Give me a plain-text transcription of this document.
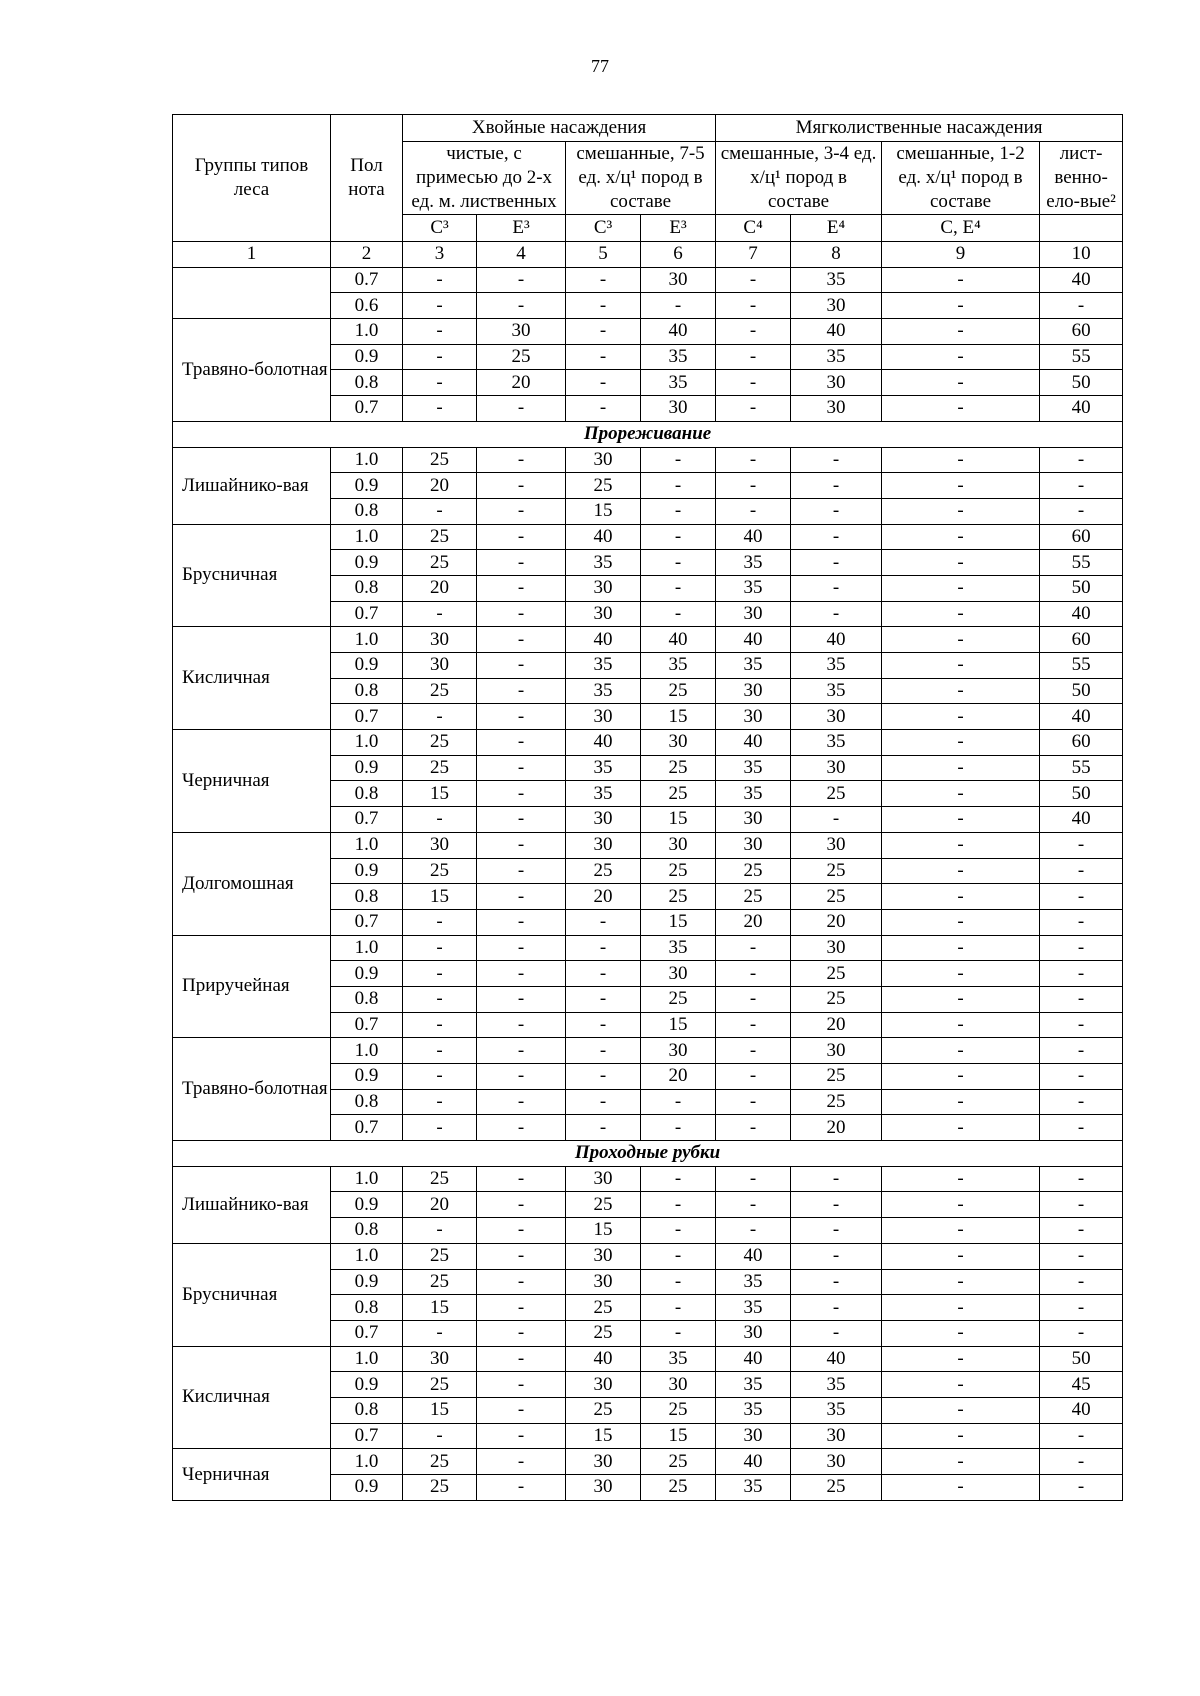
77
Группы типов леса	Пол нота	Хвойные насаждения				Мягколиственные насаждения			
		чистые, с примесью до 2-х ед. м. лиственных		смешанные, 7-5 ед. х/ц¹ пород в составе		смешанные, 3-4 ед. х/ц¹ пород в составе		смешанные, 1-2 ед. х/ц¹ пород в составе	лист-венно-ело-вые²
		С³	Е³	С³	Е³	С⁴	Е⁴	С, Е⁴	
1	2	3	4	5	6	7	8	9	10
	0.7	-	-	-	30	-	35	-	40
	0.6	-	-	-	-	-	30	-	-
Травяно-болотная	1.0	-	30	-	40	-	40	-	60
	0.9	-	25	-	35	-	35	-	55
	0.8	-	20	-	35	-	30	-	50
	0.7	-	-	-	30	-	30	-	40
Прореживание									
Лишайнико-вая	1.0	25	-	30	-	-	-	-	-
	0.9	20	-	25	-	-	-	-	-
	0.8	-	-	15	-	-	-	-	-
Брусничная	1.0	25	-	40	-	40	-	-	60
	0.9	25	-	35	-	35	-	-	55
	0.8	20	-	30	-	35	-	-	50
	0.7	-	-	30	-	30	-	-	40
Кисличная	1.0	30	-	40	40	40	40	-	60
	0.9	30	-	35	35	35	35	-	55
	0.8	25	-	35	25	30	35	-	50
	0.7	-	-	30	15	30	30	-	40
Черничная	1.0	25	-	40	30	40	35	-	60
	0.9	25	-	35	25	35	30	-	55
	0.8	15	-	35	25	35	25	-	50
	0.7	-	-	30	15	30	-	-	40
Долгомошная	1.0	30	-	30	30	30	30	-	-
	0.9	25	-	25	25	25	25	-	-
	0.8	15	-	20	25	25	25	-	-
	0.7	-	-	-	15	20	20	-	-
Приручейная	1.0	-	-	-	35	-	30	-	-
	0.9	-	-	-	30	-	25	-	-
	0.8	-	-	-	25	-	25	-	-
	0.7	-	-	-	15	-	20	-	-
Травяно-болотная	1.0	-	-	-	30	-	30	-	-
	0.9	-	-	-	20	-	25	-	-
	0.8	-	-	-	-	-	25	-	-
	0.7	-	-	-	-	-	20	-	-
Проходные рубки									
Лишайнико-вая	1.0	25	-	30	-	-	-	-	-
	0.9	20	-	25	-	-	-	-	-
	0.8	-	-	15	-	-	-	-	-
Брусничная	1.0	25	-	30	-	40	-	-	-
	0.9	25	-	30	-	35	-	-	-
	0.8	15	-	25	-	35	-	-	-
	0.7	-	-	25	-	30	-	-	-
Кисличная	1.0	30	-	40	35	40	40	-	50
	0.9	25	-	30	30	35	35	-	45
	0.8	15	-	25	25	35	35	-	40
	0.7	-	-	15	15	30	30	-	-
Черничная	1.0	25	-	30	25	40	30	-	-
	0.9	25	-	30	25	35	25	-	-
